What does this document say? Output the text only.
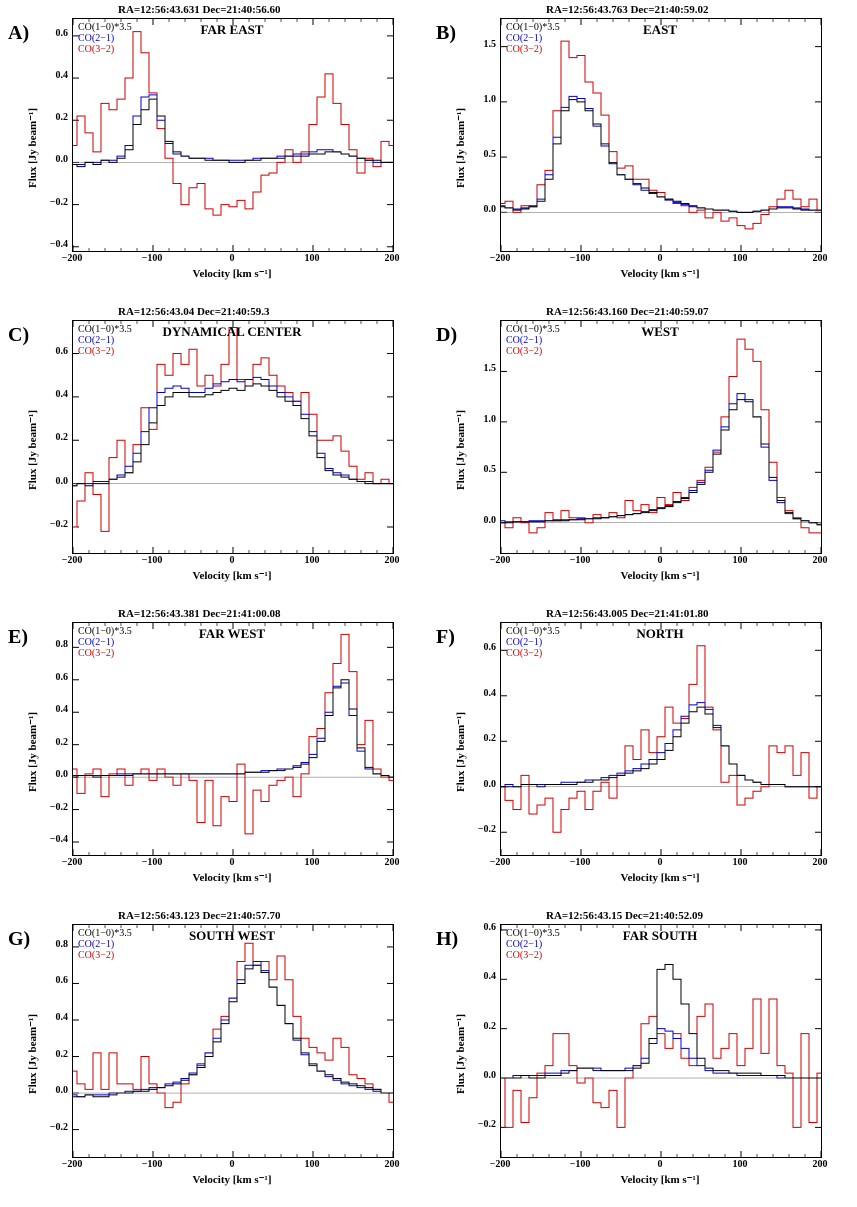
A)
RA=12:56:43.631 Dec=21:40:56.60
CO(1−0)*3.5
CO(2−1)
CO(3−2)
FAR EAST
−200	−100	0	100	200
−0.4
−0.2
0.0
0.2
0.4
0.6
Velocity [km s⁻¹]
Flux [Jy beam⁻¹]
B)
RA=12:56:43.763 Dec=21:40:59.02
CO(1−0)*3.5
CO(2−1)
CO(3−2)
EAST
−200	−100	0	100	200
0.0
0.5
1.0
1.5
Velocity [km s⁻¹]
Flux [Jy beam⁻¹]
C)
RA=12:56:43.04 Dec=21:40:59.3
CO(1−0)*3.5
CO(2−1)
CO(3−2)
DYNAMICAL CENTER
−200	−100	0	100	200
−0.2
0.0
0.2
0.4
0.6
Velocity [km s⁻¹]
Flux [Jy beam⁻¹]
D)
RA=12:56:43.160 Dec=21:40:59.07
CO(1−0)*3.5
CO(2−1)
CO(3−2)
WEST
−200	−100	0	100	200
0.0
0.5
1.0
1.5
Velocity [km s⁻¹]
Flux [Jy beam⁻¹]
E)
RA=12:56:43.381 Dec=21:41:00.08
CO(1−0)*3.5
CO(2−1)
CO(3−2)
FAR WEST
−200	−100	0	100	200
−0.4
−0.2
0.0
0.2
0.4
0.6
0.8
Velocity [km s⁻¹]
Flux [Jy beam⁻¹]
F)
RA=12:56:43.005 Dec=21:41:01.80
CO(1−0)*3.5
CO(2−1)
CO(3−2)
NORTH
−200	−100	0	100	200
−0.2
0.0
0.2
0.4
0.6
Velocity [km s⁻¹]
Flux [Jy beam⁻¹]
G)
RA=12:56:43.123 Dec=21:40:57.70
CO(1−0)*3.5
CO(2−1)
CO(3−2)
SOUTH WEST
−200	−100	0	100	200
−0.2
0.0
0.2
0.4
0.6
0.8
Velocity [km s⁻¹]
Flux [Jy beam⁻¹]
H)
RA=12:56:43.15 Dec=21:40:52.09
CO(1−0)*3.5
CO(2−1)
CO(3−2)
FAR SOUTH
−200	−100	0	100	200
−0.2
0.0
0.2
0.4
0.6
Velocity [km s⁻¹]
Flux [Jy beam⁻¹]
